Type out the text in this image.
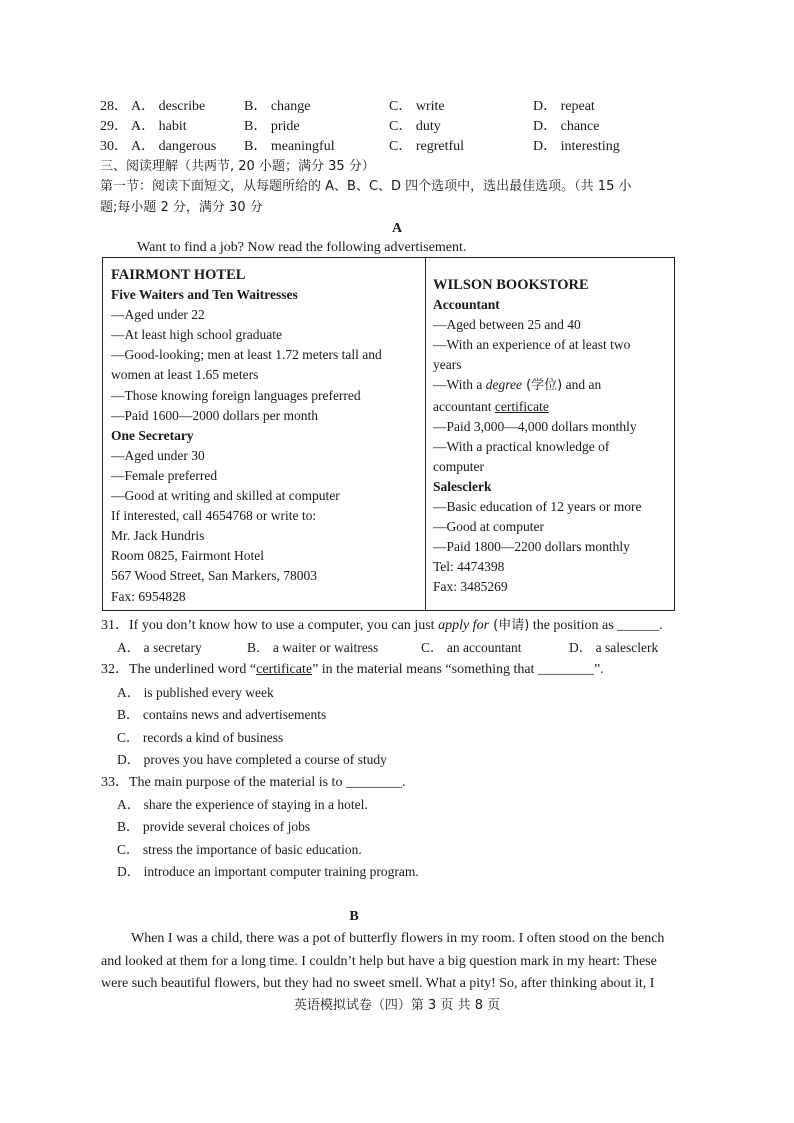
28． A． describe	B． change	C． write	D． repeat
29． A． habit	B． pride	C． duty	D． chance
30． A． dangerous B． meaningful	C． regretful	D． interesting
三、阅读理解（共两节, 20 小题；满分 35 分）
第一节：阅读下面短文，从每题所给的 A、B、C、D 四个选项中，选出最佳选项。（共 15 小
题;每小题 2 分，满分 30 分
A
Want to find a job? Now read the following advertisement.
FAIRMONT HOTEL
Five Waiters and Ten Waitresses
—Aged under 22
—At least high school graduate
—Good-looking; men at least 1.72 meters tall and
women at least 1.65 meters
—Those knowing foreign languages preferred
—Paid 1600—2000 dollars per month
One Secretary
—Aged under 30
—Female preferred
—Good at writing and skilled at computer
If interested, call 4654768 or write to:
Mr. Jack Hundris
Room 0825, Fairmont Hotel
567 Wood Street, San Markers, 78003
Fax: 6954828
WILSON BOOKSTORE
Accountant
—Aged between 25 and 40
—With an experience of at least two
years
—With a degree (学位) and an
accountant certificate
—Paid 3,000—4,000 dollars monthly
—With a practical knowledge of
computer
Salesclerk
—Basic education of 12 years or more
—Good at computer
—Paid 1800—2200 dollars monthly
Tel: 4474398
Fax: 3485269
31．If you don’t know how to use a computer, you can just apply for (申请) the position as ______.
A． a secretary	B． a waiter or waitress	C． an accountant	D． a salesclerk
32．The underlined word “certificate” in the material means “something that ________”.
A． is published every week
B． contains news and advertisements
C． records a kind of business
D． proves you have completed a course of study
33．The main purpose of the material is to ________.
A． share the experience of staying in a hotel.
B． provide several choices of jobs
C． stress the importance of basic education.
D． introduce an important computer training program.
B
When I was a child, there was a pot of butterfly flowers in my room. I often stood on the bench
and looked at them for a long time. I couldn’t help but have a big question mark in my heart: These
were such beautiful flowers, but they had no sweet smell. What a pity! So, after thinking about it, I
英语模拟试卷（四）第 3 页 共 8 页
